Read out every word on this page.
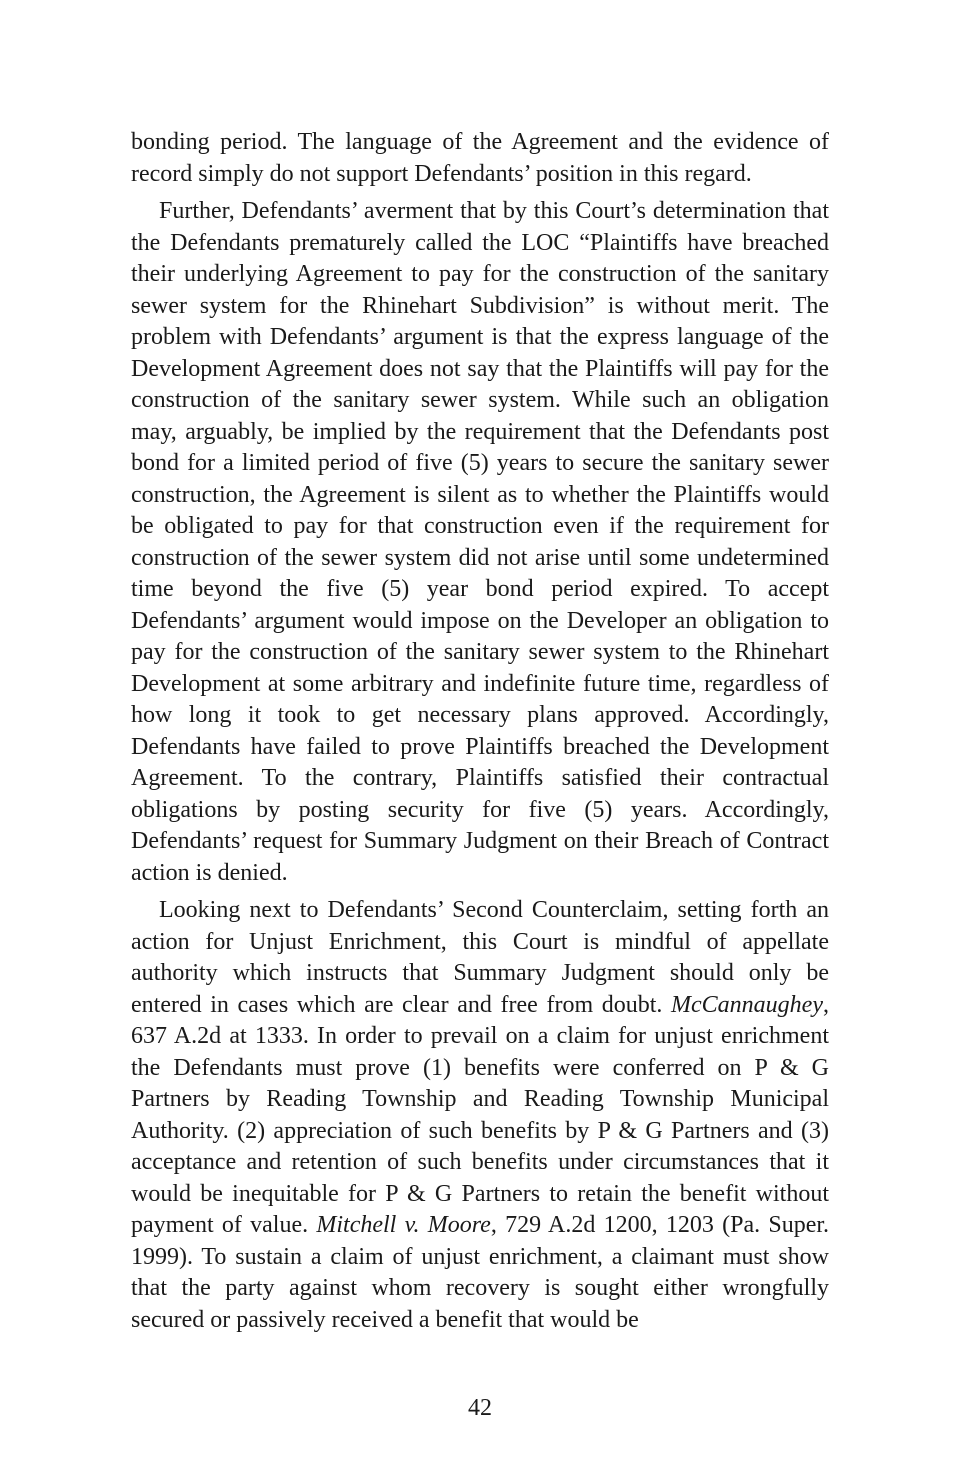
bonding period. The language of the Agreement and the evidence of record simply do not support Defendants’ position in this regard.

Further, Defendants’ averment that by this Court’s determination that the Defendants prematurely called the LOC “Plaintiffs have breached their underlying Agreement to pay for the construction of the sanitary sewer system for the Rhinehart Subdivision” is without merit. The problem with Defendants’ argument is that the express language of the Development Agreement does not say that the Plaintiffs will pay for the construction of the sanitary sewer system. While such an obligation may, arguably, be implied by the requirement that the Defendants post bond for a limited period of five (5) years to secure the sanitary sewer construction, the Agreement is silent as to whether the Plaintiffs would be obligated to pay for that construction even if the requirement for construction of the sewer system did not arise until some undetermined time beyond the five (5) year bond period expired. To accept Defendants’ argument would impose on the Developer an obligation to pay for the construction of the sanitary sewer system to the Rhinehart Development at some arbitrary and indefinite future time, regardless of how long it took to get necessary plans approved. Accordingly, Defendants have failed to prove Plaintiffs breached the Development Agreement. To the contrary, Plaintiffs satisfied their contractual obligations by posting security for five (5) years. Accordingly, Defendants’ request for Summary Judgment on their Breach of Contract action is denied.

Looking next to Defendants’ Second Counterclaim, setting forth an action for Unjust Enrichment, this Court is mindful of appellate authority which instructs that Summary Judgment should only be entered in cases which are clear and free from doubt. McCannaughey, 637 A.2d at 1333. In order to prevail on a claim for unjust enrichment the Defendants must prove (1) benefits were conferred on P & G Partners by Reading Township and Reading Township Municipal Authority. (2) appreciation of such benefits by P & G Partners and (3) acceptance and retention of such benefits under circumstances that it would be inequitable for P & G Partners to retain the benefit without payment of value. Mitchell v. Moore, 729 A.2d 1200, 1203 (Pa. Super. 1999). To sustain a claim of unjust enrichment, a claimant must show that the party against whom recovery is sought either wrongfully secured or passively received a benefit that would be

42
